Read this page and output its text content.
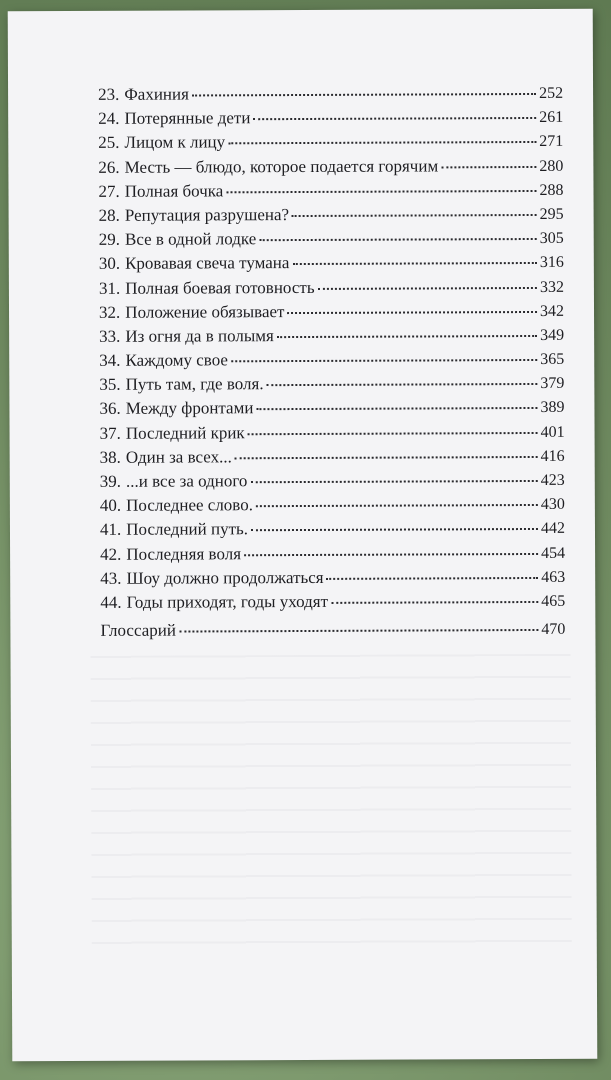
23. Фахиния	252
24. Потерянные дети	261
25. Лицом к лицу	271
26. Месть — блюдо, которое подается горячим	280
27. Полная бочка	288
28. Репутация разрушена?	295
29. Все в одной лодке	305
30. Кровавая свеча тумана	316
31. Полная боевая готовность	332
32. Положение обязывает	342
33. Из огня да в полымя	349
34. Каждому свое	365
35. Путь там, где воля.	379
36. Между фронтами	389
37. Последний крик	401
38. Один за всех...	416
39. ...и все за одного	423
40. Последнее слово.	430
41. Последний путь.	442
42. Последняя воля	454
43. Шоу должно продолжаться	463
44. Годы приходят, годы уходят	465
Глоссарий	470
